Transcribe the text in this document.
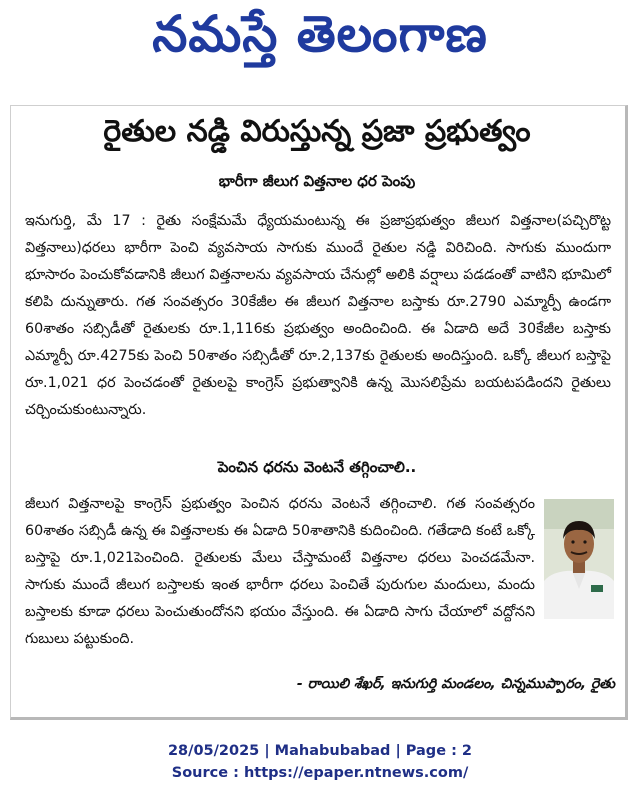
నమస్తే తెలంగాణ
రైతుల నడ్డి విరుస్తున్న ప్రజా ప్రభుత్వం
భారీగా జీలుగ విత్తనాల ధర పెంపు

ఇనుగుర్తి, మే 17 : రైతు సంక్షేమమే ధ్యేయమంటున్న ఈ ప్రజాప్రభుత్వం జీలుగ విత్తనాల(పచ్చిరొట్ట విత్తనాలు)ధరలు భారీగా పెంచి వ్యవసాయ సాగుకు ముందే రైతుల నడ్డి విరిచింది. సాగుకు ముందుగా భూసారం పెంచుకోవడానికి జీలుగ విత్తనాలను వ్యవసాయ చేనుల్లో అలికి వర్షాలు పడడంతో వాటిని భూమిలో కలిపి దున్నుతారు. గత సంవత్సరం 30కేజీల ఈ జీలుగ విత్తనాల బస్తాకు రూ.2790 ఎమ్మార్పీ ఉండగా 60శాతం సబ్సిడీతో రైతులకు రూ.1,116కు ప్రభుత్వం అందించింది. ఈ ఏడాది అదే 30కేజీల బస్తాకు ఎమ్మార్పీ రూ.4275కు పెంచి 50శాతం సబ్సిడీతో రూ.2,137కు రైతులకు అందిస్తుంది. ఒక్కో జీలుగ బస్తాపై రూ.1,021 ధర పెంచడంతో రైతులపై కాంగ్రెస్ ప్రభుత్వానికి ఉన్న మొసలిప్రేమ బయటపడిందని రైతులు చర్చించుకుంటున్నారు.

పెంచిన ధరను వెంటనే తగ్గించాలి..

జీలుగ విత్తనాలపై కాంగ్రెస్ ప్రభుత్వం పెంచిన ధరను వెంటనే తగ్గించాలి. గత సంవత్సరం 60శాతం సబ్సిడీ ఉన్న ఈ విత్తనాలకు ఈ ఏడాది 50శాతానికి కుదించింది. గతేడాది కంటే ఒక్కో బస్తాపై రూ.1,021పెంచింది. రైతులకు మేలు చేస్తామంటే విత్తనాల ధరలు పెంచడమేనా. సాగుకు ముందే జీలుగ బస్తాలకు ఇంత భారీగా ధరలు పెంచితే పురుగుల మందులు, మందు బస్తాలకు కూడా ధరలు పెంచుతుందోనని భయం వేస్తుంది. ఈ ఏడాది సాగు చేయాలో వద్దోనని గుబులు పట్టుకుంది.

- రాయిలి శేఖర్, ఇనుగుర్తి మండలం, చిన్నముప్పారం, రైతు
28/05/2025 | Mahabubabad | Page : 2
Source : https://epaper.ntnews.com/
